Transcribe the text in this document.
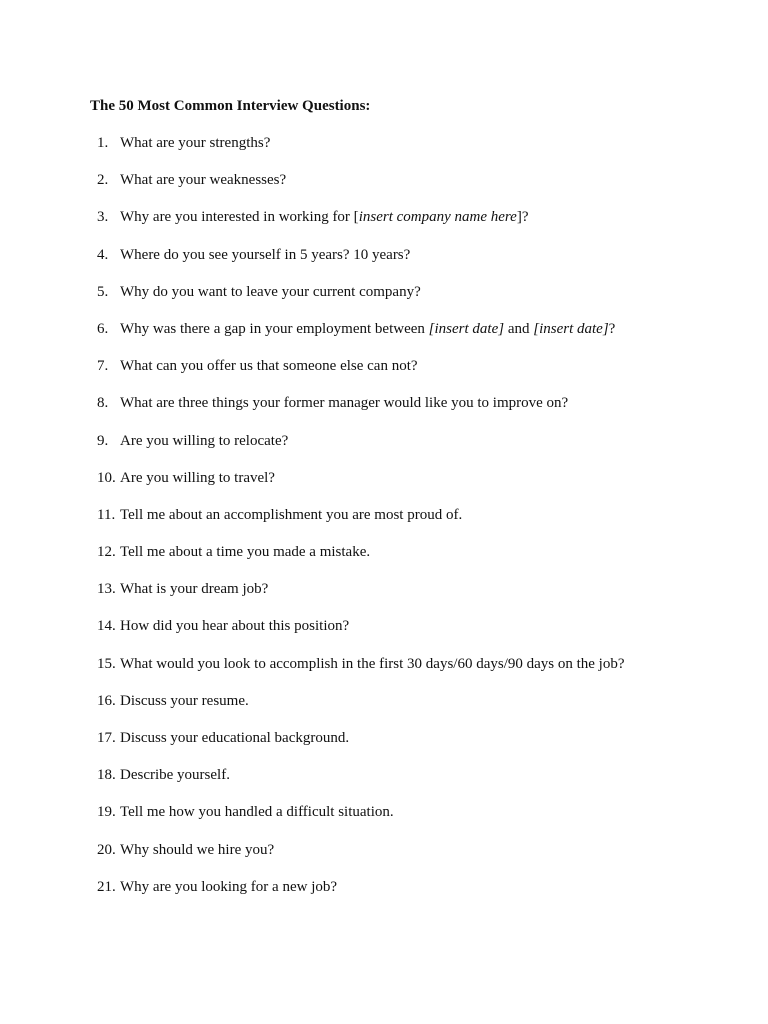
The 50 Most Common Interview Questions:
1. What are your strengths?
2. What are your weaknesses?
3. Why are you interested in working for [insert company name here]?
4. Where do you see yourself in 5 years? 10 years?
5. Why do you want to leave your current company?
6. Why was there a gap in your employment between [insert date] and [insert date]?
7. What can you offer us that someone else can not?
8. What are three things your former manager would like you to improve on?
9. Are you willing to relocate?
10. Are you willing to travel?
11. Tell me about an accomplishment you are most proud of.
12. Tell me about a time you made a mistake.
13. What is your dream job?
14. How did you hear about this position?
15. What would you look to accomplish in the first 30 days/60 days/90 days on the job?
16. Discuss your resume.
17. Discuss your educational background.
18. Describe yourself.
19. Tell me how you handled a difficult situation.
20. Why should we hire you?
21. Why are you looking for a new job?
